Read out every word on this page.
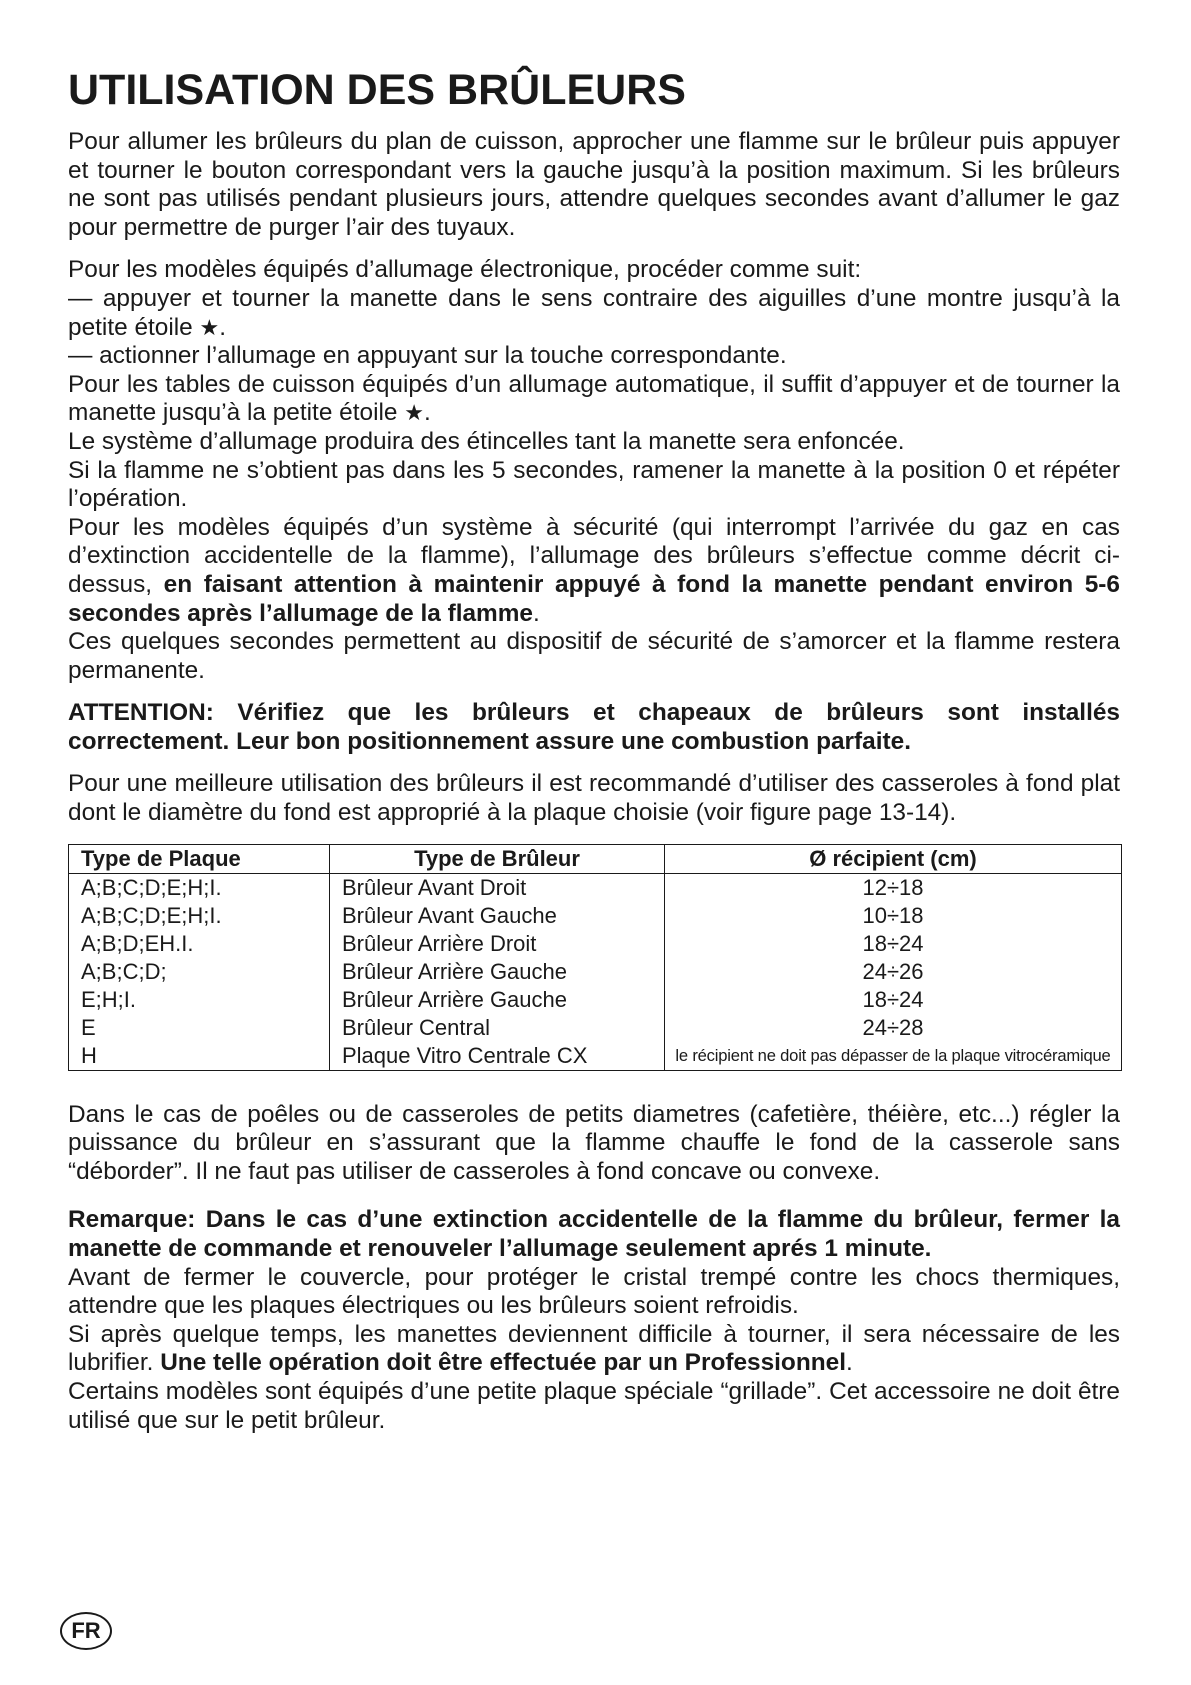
UTILISATION DES BRÛLEURS

Pour allumer les brûleurs du plan de cuisson, approcher une flamme sur le brûleur puis appuyer et tourner le bouton correspondant vers la gauche jusqu’à la position maximum. Si les brûleurs ne sont pas utilisés pendant plusieurs jours, attendre quelques secondes avant d’allumer le gaz pour permettre de purger l’air des tuyaux.

Pour les modèles équipés d’allumage électronique, procéder comme suit:

— appuyer et tourner la manette dans le sens contraire des aiguilles d’une montre jusqu’à la petite étoile ★.

— actionner l’allumage en appuyant sur la touche correspondante.

Pour les tables de cuisson équipés d’un allumage automatique, il suffit d’appuyer et de tourner la manette jusqu’à la petite étoile ★.

Le système d’allumage produira des étincelles tant la manette sera enfoncée.

Si la flamme ne s’obtient pas dans les 5 secondes, ramener la manette à la position 0 et répéter l’opération.

Pour les modèles équipés d’un système à sécurité (qui interrompt l’arrivée du gaz en cas d’extinction accidentelle de la flamme), l’allumage des brûleurs s’effectue comme décrit ci-dessus, en faisant attention à maintenir appuyé à fond la manette pendant environ 5-6 secondes après l’allumage de la flamme.

Ces quelques secondes permettent au dispositif de sécurité de s’amorcer et la flamme restera permanente.

ATTENTION: Vérifiez que les brûleurs et chapeaux de brûleurs sont installés correctement. Leur bon positionnement assure une combustion parfaite.

Pour une meilleure utilisation des brûleurs il est recommandé d’utiliser des casseroles à fond plat dont le diamètre du fond est approprié à la plaque choisie (voir figure page 13-14).

Type de Plaque	Type de Brûleur	Ø récipient (cm)
A;B;C;D;E;H;I.	Brûleur Avant Droit	12÷18
A;B;C;D;E;H;I.	Brûleur Avant Gauche	10÷18
A;B;D;EH.I.	Brûleur Arrière Droit	18÷24
A;B;C;D;	Brûleur Arrière Gauche	24÷26
E;H;I.	Brûleur Arrière Gauche	18÷24
E	Brûleur Central	24÷28
H	Plaque Vitro Centrale CX	le récipient ne doit pas dépasser de la plaque vitrocéramique

Dans le cas de poêles ou de casseroles de petits diametres (cafetière, théière, etc...) régler la puissance du brûleur en s’assurant que la flamme chauffe le fond de la casserole sans “déborder”. Il ne faut pas utiliser de casseroles à fond concave ou convexe.

Remarque: Dans le cas d’une extinction accidentelle de la flamme du brûleur, fermer la manette de commande et renouveler l’allumage seulement aprés 1 minute.

Avant de fermer le couvercle, pour protéger le cristal trempé contre les chocs thermiques, attendre que les plaques électriques ou les brûleurs soient refroidis.

Si après quelque temps, les manettes deviennent difficile à tourner, il sera nécessaire de les lubrifier. Une telle opération doit être effectuée par un Professionnel.

Certains modèles sont équipés d’une petite plaque spéciale “grillade”. Cet accessoire ne doit être utilisé que sur le petit brûleur.

FR
